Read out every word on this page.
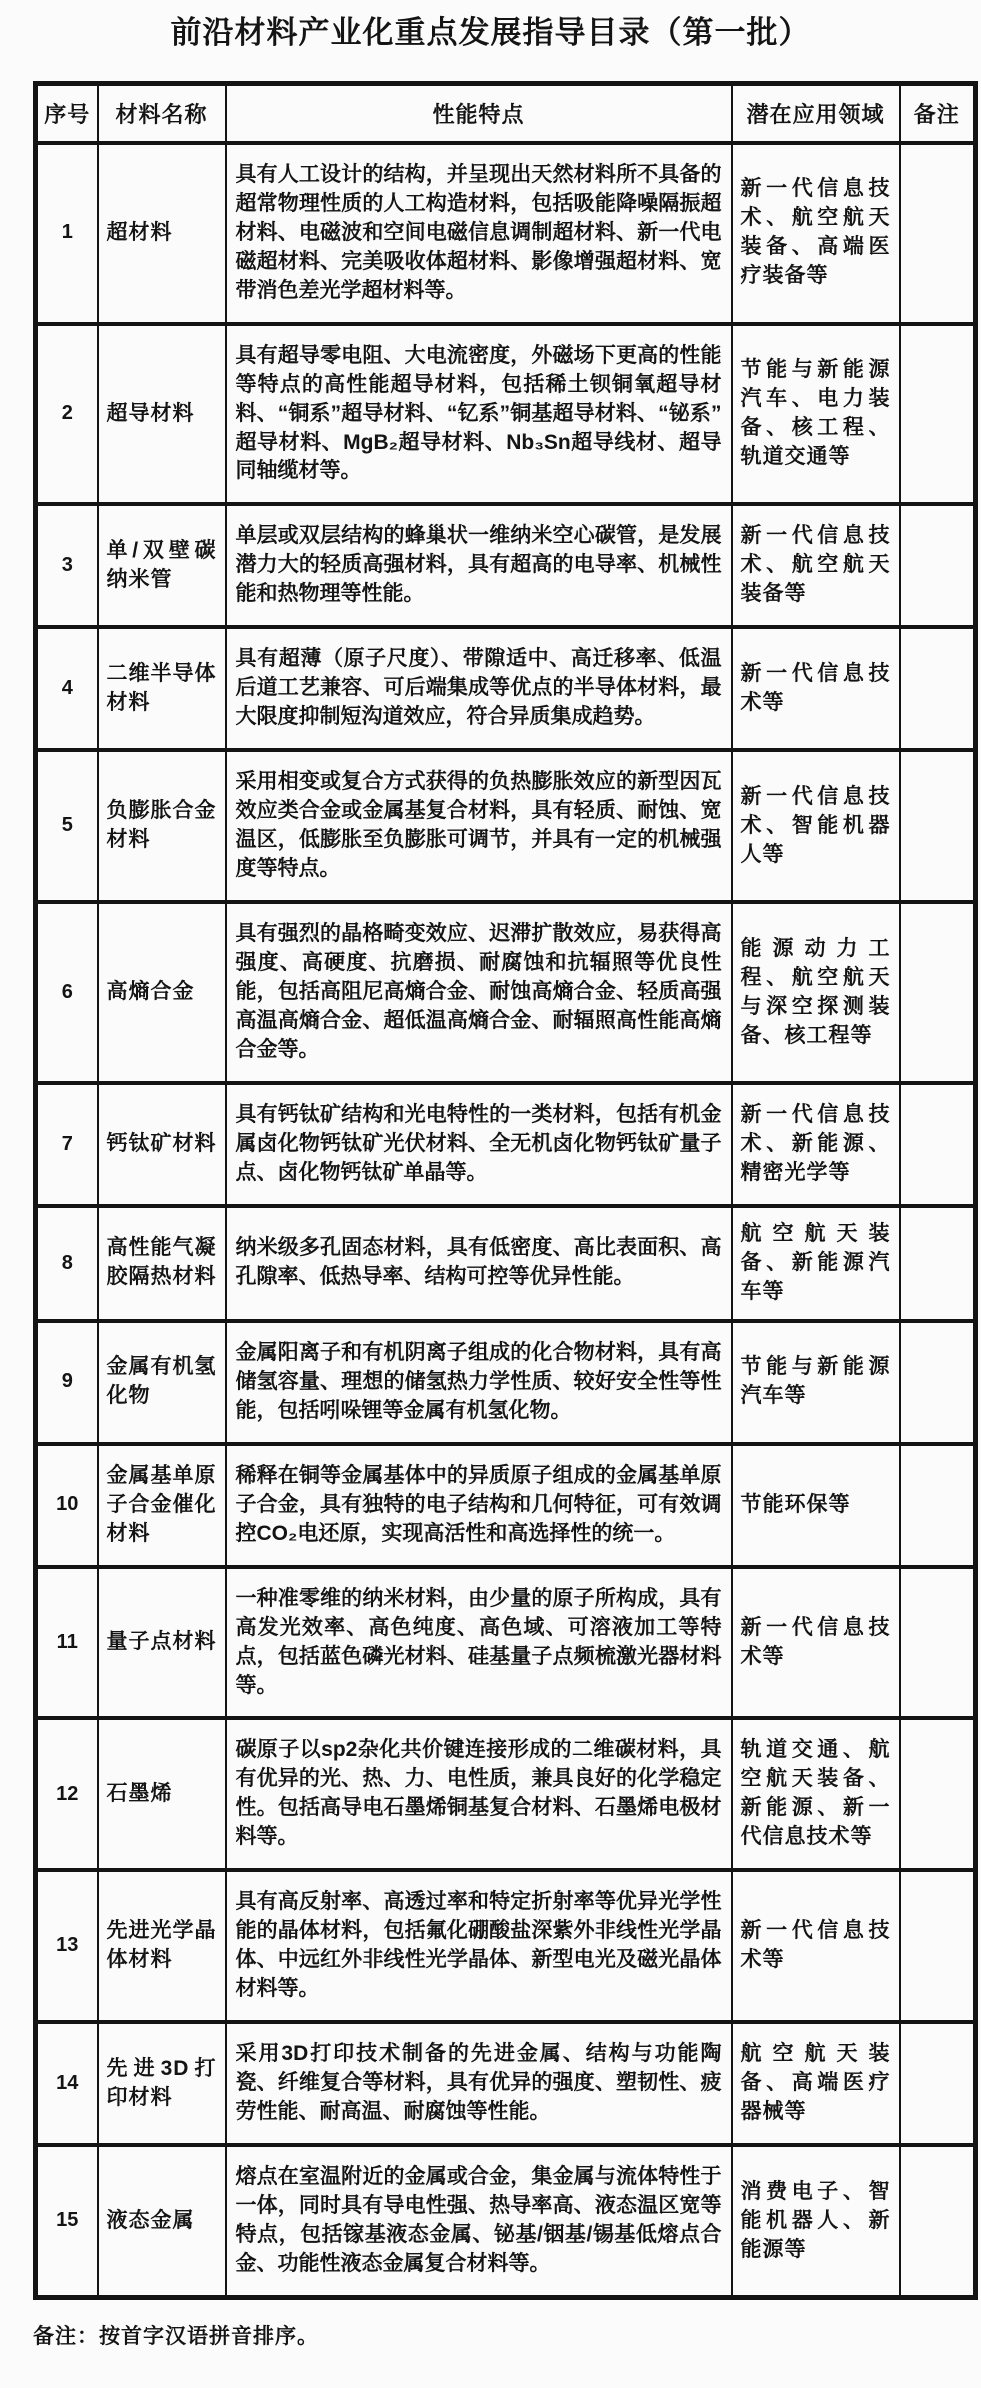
前沿材料产业化重点发展指导目录（第一批）
序号	材料名称	性能特点	潜在应用领域	备注
1	超材料	具有人工设计的结构，并呈现出天然材料所不具备的超常物理性质的人工构造材料，包括吸能降噪隔振超材料、电磁波和空间电磁信息调制超材料、新一代电磁超材料、完美吸收体超材料、影像增强超材料、宽带消色差光学超材料等。	新一代信息技术、航空航天装备、高端医疗装备等	
2	超导材料	具有超导零电阻、大电流密度，外磁场下更高的性能等特点的高性能超导材料，包括稀土钡铜氧超导材料、“铜系”超导材料、“钇系”铜基超导材料、“铋系”超导材料、MgB₂超导材料、Nb₃Sn超导线材、超导同轴缆材等。	节能与新能源汽车、电力装备、核工程、轨道交通等	
3	单/双壁碳纳米管	单层或双层结构的蜂巢状一维纳米空心碳管，是发展潜力大的轻质高强材料，具有超高的电导率、机械性能和热物理等性能。	新一代信息技术、航空航天装备等	
4	二维半导体材料	具有超薄（原子尺度）、带隙适中、高迁移率、低温后道工艺兼容、可后端集成等优点的半导体材料，最大限度抑制短沟道效应，符合异质集成趋势。	新一代信息技术等	
5	负膨胀合金材料	采用相变或复合方式获得的负热膨胀效应的新型因瓦效应类合金或金属基复合材料，具有轻质、耐蚀、宽温区，低膨胀至负膨胀可调节，并具有一定的机械强度等特点。	新一代信息技术、智能机器人等	
6	高熵合金	具有强烈的晶格畸变效应、迟滞扩散效应，易获得高强度、高硬度、抗磨损、耐腐蚀和抗辐照等优良性能，包括高阻尼高熵合金、耐蚀高熵合金、轻质高强高温高熵合金、超低温高熵合金、耐辐照高性能高熵合金等。	能源动力工程、航空航天与深空探测装备、核工程等	
7	钙钛矿材料	具有钙钛矿结构和光电特性的一类材料，包括有机金属卤化物钙钛矿光伏材料、全无机卤化物钙钛矿量子点、卤化物钙钛矿单晶等。	新一代信息技术、新能源、精密光学等	
8	高性能气凝胶隔热材料	纳米级多孔固态材料，具有低密度、高比表面积、高孔隙率、低热导率、结构可控等优异性能。	航空航天装备、新能源汽车等	
9	金属有机氢化物	金属阳离子和有机阴离子组成的化合物材料，具有高储氢容量、理想的储氢热力学性质、较好安全性等性能，包括吲哚锂等金属有机氢化物。	节能与新能源汽车等	
10	金属基单原子合金催化材料	稀释在铜等金属基体中的异质原子组成的金属基单原子合金，具有独特的电子结构和几何特征，可有效调控CO₂电还原，实现高活性和高选择性的统一。	节能环保等	
11	量子点材料	一种准零维的纳米材料，由少量的原子所构成，具有高发光效率、高色纯度、高色域、可溶液加工等特点，包括蓝色磷光材料、硅基量子点频梳激光器材料等。	新一代信息技术等	
12	石墨烯	碳原子以sp2杂化共价键连接形成的二维碳材料，具有优异的光、热、力、电性质，兼具良好的化学稳定性。包括高导电石墨烯铜基复合材料、石墨烯电极材料等。	轨道交通、航空航天装备、新能源、新一代信息技术等	
13	先进光学晶体材料	具有高反射率、高透过率和特定折射率等优异光学性能的晶体材料，包括氟化硼酸盐深紫外非线性光学晶体、中远红外非线性光学晶体、新型电光及磁光晶体材料等。	新一代信息技术等	
14	先进3D打印材料	采用3D打印技术制备的先进金属、结构与功能陶瓷、纤维复合等材料，具有优异的强度、塑韧性、疲劳性能、耐高温、耐腐蚀等性能。	航空航天装备、高端医疗器械等	
15	液态金属	熔点在室温附近的金属或合金，集金属与流体特性于一体，同时具有导电性强、热导率高、液态温区宽等特点，包括镓基液态金属、铋基/铟基/锡基低熔点合金、功能性液态金属复合材料等。	消费电子、智能机器人、新能源等	

备注：按首字汉语拼音排序。
